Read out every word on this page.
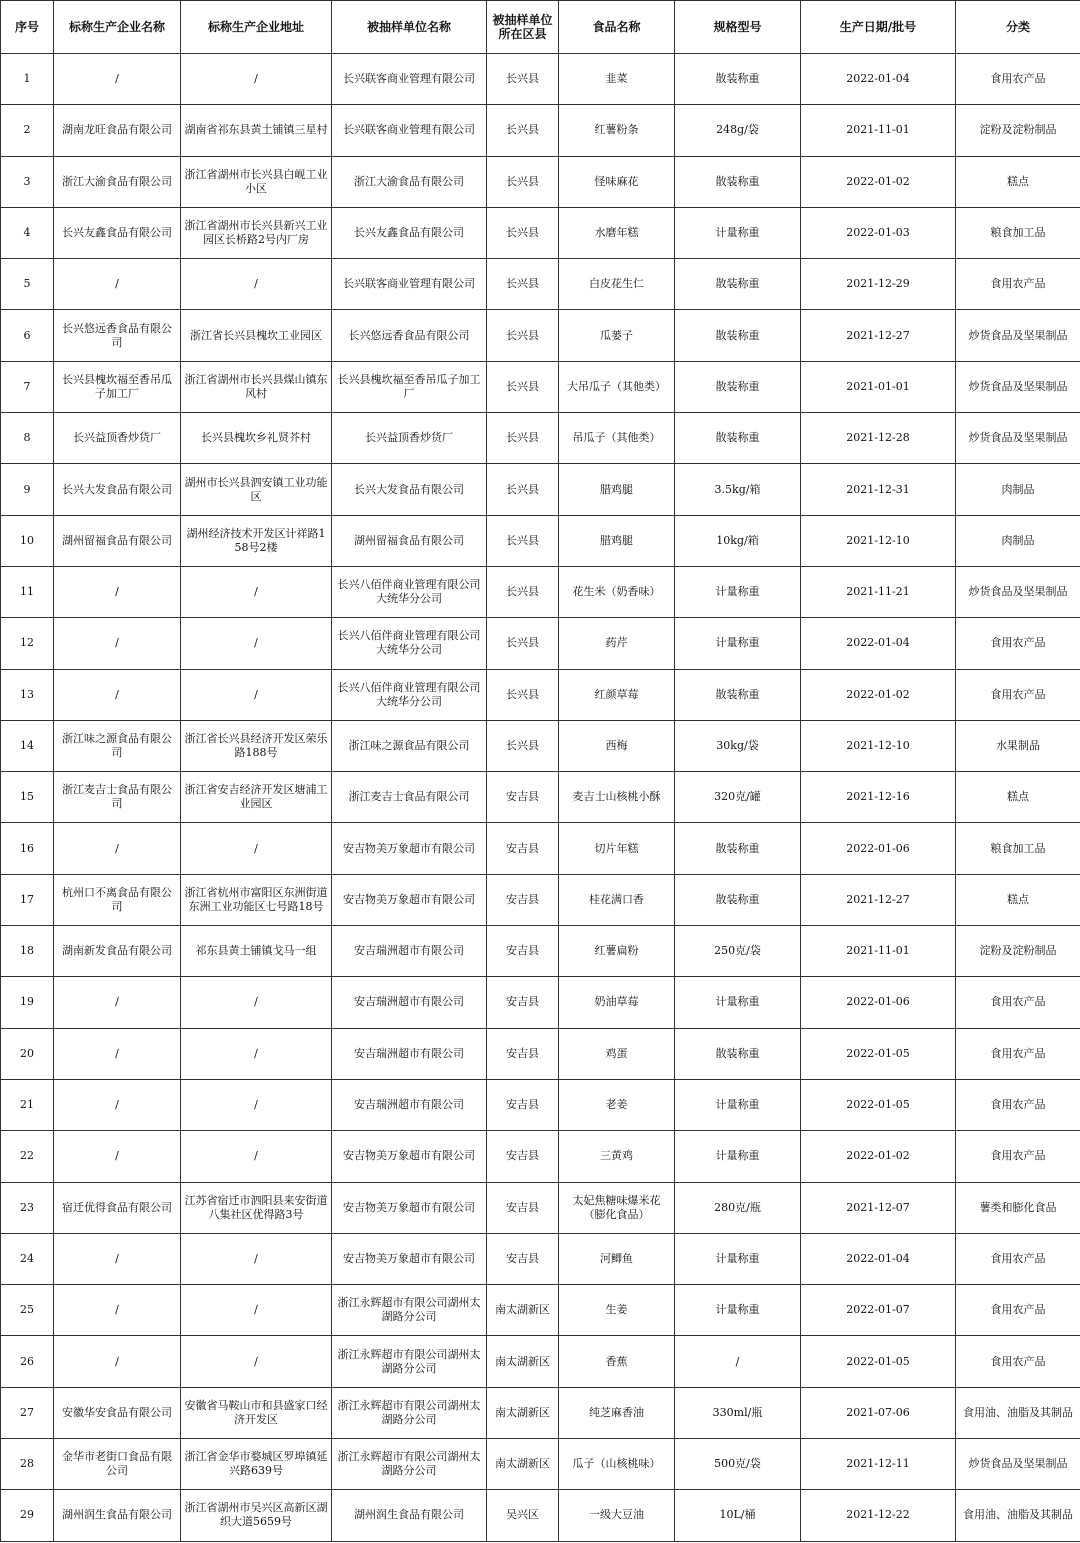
序号	标称生产企业名称	标称生产企业地址	被抽样单位名称	被抽样单位所在区县	食品名称	规格型号	生产日期/批号	分类
1	/	/	长兴联客商业管理有限公司	长兴县	韭菜	散装称重	2022-01-04	食用农产品
2	湖南龙旺食品有限公司	湖南省祁东县黄土铺镇三星村	长兴联客商业管理有限公司	长兴县	红薯粉条	248g/袋	2021-11-01	淀粉及淀粉制品
3	浙江大渝食品有限公司	浙江省湖州市长兴县白岘工业小区	浙江大渝食品有限公司	长兴县	怪味麻花	散装称重	2022-01-02	糕点
4	长兴友鑫食品有限公司	浙江省湖州市长兴县新兴工业园区长桥路2号内厂房	长兴友鑫食品有限公司	长兴县	水磨年糕	计量称重	2022-01-03	粮食加工品
5	/	/	长兴联客商业管理有限公司	长兴县	白皮花生仁	散装称重	2021-12-29	食用农产品
6	长兴悠远香食品有限公司	浙江省长兴县槐坎工业园区	长兴悠远香食品有限公司	长兴县	瓜蒌子	散装称重	2021-12-27	炒货食品及坚果制品
7	长兴县槐坎福至香吊瓜子加工厂	浙江省湖州市长兴县煤山镇东风村	长兴县槐坎福至香吊瓜子加工厂	长兴县	大吊瓜子（其他类）	散装称重	2021-01-01	炒货食品及坚果制品
8	长兴益顶香炒货厂	长兴县槐坎乡礼贤芥村	长兴益顶香炒货厂	长兴县	吊瓜子（其他类）	散装称重	2021-12-28	炒货食品及坚果制品
9	长兴大发食品有限公司	湖州市长兴县泗安镇工业功能区	长兴大发食品有限公司	长兴县	腊鸡腿	3.5kg/箱	2021-12-31	肉制品
10	湖州留福食品有限公司	湖州经济技术开发区计祥路158号2楼	湖州留福食品有限公司	长兴县	腊鸡腿	10kg/箱	2021-12-10	肉制品
11	/	/	长兴八佰伴商业管理有限公司大统华分公司	长兴县	花生米（奶香味）	计量称重	2021-11-21	炒货食品及坚果制品
12	/	/	长兴八佰伴商业管理有限公司大统华分公司	长兴县	药芹	计量称重	2022-01-04	食用农产品
13	/	/	长兴八佰伴商业管理有限公司大统华分公司	长兴县	红颜草莓	散装称重	2022-01-02	食用农产品
14	浙江味之源食品有限公司	浙江省长兴县经济开发区荣乐路188号	浙江味之源食品有限公司	长兴县	西梅	30kg/袋	2021-12-10	水果制品
15	浙江麦吉士食品有限公司	浙江省安吉经济开发区塘浦工业园区	浙江麦吉士食品有限公司	安吉县	麦吉士山核桃小酥	320克/罐	2021-12-16	糕点
16	/	/	安吉物美万象超市有限公司	安吉县	切片年糕	散装称重	2022-01-06	粮食加工品
17	杭州口不离食品有限公司	浙江省杭州市富阳区东洲街道东洲工业功能区七号路18号	安吉物美万象超市有限公司	安吉县	桂花满口香	散装称重	2021-12-27	糕点
18	湖南新发食品有限公司	祁东县黄土铺镇戈马一组	安吉瑞洲超市有限公司	安吉县	红薯扁粉	250克/袋	2021-11-01	淀粉及淀粉制品
19	/	/	安吉瑞洲超市有限公司	安吉县	奶油草莓	计量称重	2022-01-06	食用农产品
20	/	/	安吉瑞洲超市有限公司	安吉县	鸡蛋	散装称重	2022-01-05	食用农产品
21	/	/	安吉瑞洲超市有限公司	安吉县	老姜	计量称重	2022-01-05	食用农产品
22	/	/	安吉物美万象超市有限公司	安吉县	三黄鸡	计量称重	2022-01-02	食用农产品
23	宿迁优得食品有限公司	江苏省宿迁市泗阳县来安街道八集社区优得路3号	安吉物美万象超市有限公司	安吉县	太妃焦糖味爆米花（膨化食品）	280克/瓶	2021-12-07	薯类和膨化食品
24	/	/	安吉物美万象超市有限公司	安吉县	河鲫鱼	计量称重	2022-01-04	食用农产品
25	/	/	浙江永辉超市有限公司湖州太湖路分公司	南太湖新区	生姜	计量称重	2022-01-07	食用农产品
26	/	/	浙江永辉超市有限公司湖州太湖路分公司	南太湖新区	香蕉	/	2022-01-05	食用农产品
27	安徽华安食品有限公司	安徽省马鞍山市和县盛家口经济开发区	浙江永辉超市有限公司湖州太湖路分公司	南太湖新区	纯芝麻香油	330ml/瓶	2021-07-06	食用油、油脂及其制品
28	金华市老街口食品有限公司	浙江省金华市婺城区罗埠镇延兴路639号	浙江永辉超市有限公司湖州太湖路分公司	南太湖新区	瓜子（山核桃味）	500克/袋	2021-12-11	炒货食品及坚果制品
29	湖州润生食品有限公司	浙江省湖州市吴兴区高新区湖织大道5659号	湖州润生食品有限公司	吴兴区	一级大豆油	10L/桶	2021-12-22	食用油、油脂及其制品
